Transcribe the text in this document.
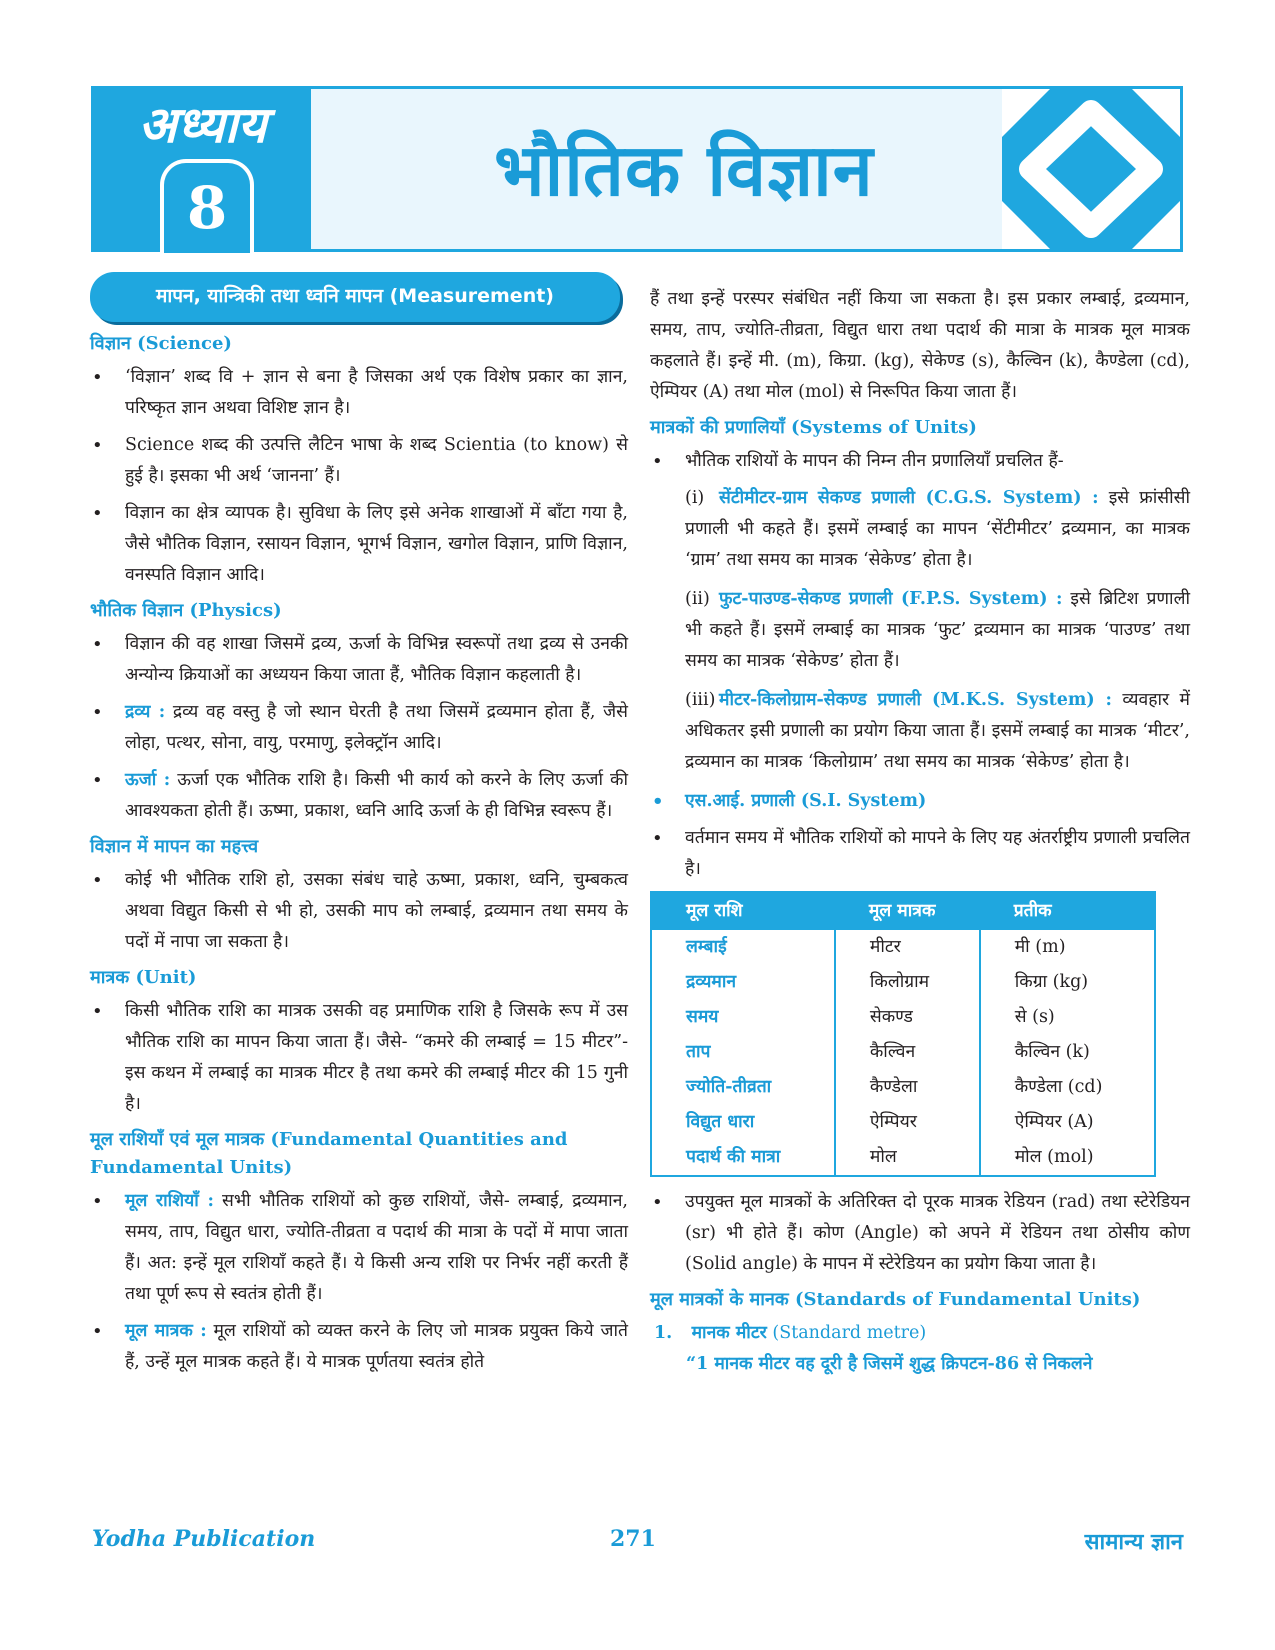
अध्याय
8	भौतिक विज्ञान
मापन, यान्त्रिकी तथा ध्वनि मापन (Measurement)
विज्ञान (Science)
• ‘विज्ञान’ शब्द वि + ज्ञान से बना है जिसका अर्थ एक विशेष प्रकार का ज्ञान, परिष्कृत ज्ञान अथवा विशिष्ट ज्ञान है।
• Science शब्द की उत्पत्ति लैटिन भाषा के शब्द Scientia (to know) से हुई है। इसका भी अर्थ ‘जानना’ हैं।
• विज्ञान का क्षेत्र व्यापक है। सुविधा के लिए इसे अनेक शाखाओं में बाँटा गया है, जैसे भौतिक विज्ञान, रसायन विज्ञान, भूगर्भ विज्ञान, खगोल विज्ञान, प्राणि विज्ञान, वनस्पति विज्ञान आदि।
भौतिक विज्ञान (Physics)
• विज्ञान की वह शाखा जिसमें द्रव्य, ऊर्जा के विभिन्न स्वरूपों तथा द्रव्य से उनकी अन्योन्य क्रियाओं का अध्ययन किया जाता हैं, भौतिक विज्ञान कहलाती है।
• द्रव्य : द्रव्य वह वस्तु है जो स्थान घेरती है तथा जिसमें द्रव्यमान होता हैं, जैसे लोहा, पत्थर, सोना, वायु, परमाणु, इलेक्ट्रॉन आदि।
• ऊर्जा : ऊर्जा एक भौतिक राशि है। किसी भी कार्य को करने के लिए ऊर्जा की आवश्यकता होती हैं। ऊष्मा, प्रकाश, ध्वनि आदि ऊर्जा के ही विभिन्न स्वरूप हैं।
विज्ञान में मापन का महत्त्व
• कोई भी भौतिक राशि हो, उसका संबंध चाहे ऊष्मा, प्रकाश, ध्वनि, चुम्बकत्व अथवा विद्युत किसी से भी हो, उसकी माप को लम्बाई, द्रव्यमान तथा समय के पदों में नापा जा सकता है।
मात्रक (Unit)
• किसी भौतिक राशि का मात्रक उसकी वह प्रमाणिक राशि है जिसके रूप में उस भौतिक राशि का मापन किया जाता हैं। जैसे- “कमरे की लम्बाई = 15 मीटर”- इस कथन में लम्बाई का मात्रक मीटर है तथा कमरे की लम्बाई मीटर की 15 गुनी है।
मूल राशियाँ एवं मूल मात्रक (Fundamental Quantities and Fundamental Units)
• मूल राशियाँ : सभी भौतिक राशियों को कुछ राशियों, जैसे- लम्बाई, द्रव्यमान, समय, ताप, विद्युत धारा, ज्योति-तीव्रता व पदार्थ की मात्रा के पदों में मापा जाता हैं। अत: इन्हें मूल राशियाँ कहते हैं। ये किसी अन्य राशि पर निर्भर नहीं करती हैं तथा पूर्ण रूप से स्वतंत्र होती हैं।
• मूल मात्रक : मूल राशियों को व्यक्त करने के लिए जो मात्रक प्रयुक्त किये जाते हैं, उन्हें मूल मात्रक कहते हैं। ये मात्रक पूर्णतया स्वतंत्र होते

हैं तथा इन्हें परस्पर संबंधित नहीं किया जा सकता है। इस प्रकार लम्बाई, द्रव्यमान, समय, ताप, ज्योति-तीव्रता, विद्युत धारा तथा पदार्थ की मात्रा के मात्रक मूल मात्रक कहलाते हैं। इन्हें मी. (m), किग्रा. (kg), सेकेण्ड (s), कैल्विन (k), कैण्डेला (cd), ऐम्पियर (A) तथा मोल (mol) से निरूपित किया जाता हैं।

मात्रकों की प्रणालियाँ (Systems of Units)
• भौतिक राशियों के मापन की निम्न तीन प्रणालियाँ प्रचलित हैं-
(i) सेंटीमीटर-ग्राम सेकण्ड प्रणाली (C.G.S. System) : इसे फ्रांसीसी प्रणाली भी कहते हैं। इसमें लम्बाई का मापन ‘सेंटीमीटर’ द्रव्यमान, का मात्रक ‘ग्राम’ तथा समय का मात्रक ‘सेकेण्ड’ होता है।
(ii) फुट-पाउण्ड-सेकण्ड प्रणाली (F.P.S. System) : इसे ब्रिटिश प्रणाली भी कहते हैं। इसमें लम्बाई का मात्रक ‘फुट’ द्रव्यमान का मात्रक ‘पाउण्ड’ तथा समय का मात्रक ‘सेकेण्ड’ होता हैं।
(iii) मीटर-किलोग्राम-सेकण्ड प्रणाली (M.K.S. System) : व्यवहार में अधिकतर इसी प्रणाली का प्रयोग किया जाता हैं। इसमें लम्बाई का मात्रक ‘मीटर’, द्रव्यमान का मात्रक ‘किलोग्राम’ तथा समय का मात्रक ‘सेकेण्ड’ होता है।
• एस.आई. प्रणाली (S.I. System)
• वर्तमान समय में भौतिक राशियों को मापने के लिए यह अंतर्राष्ट्रीय प्रणाली प्रचलित है।
मूल राशि	मूल मात्रक	प्रतीक
लम्बाई	मीटर	मी (m)
द्रव्यमान	किलोग्राम	किग्रा (kg)
समय	सेकण्ड	से (s)
ताप	कैल्विन	कैल्विन (k)
ज्योति-तीव्रता	कैण्डेला	कैण्डेला (cd)
विद्युत धारा	ऐम्पियर	ऐम्पियर (A)
पदार्थ की मात्रा	मोल	मोल (mol)
• उपयुक्त मूल मात्रकों के अतिरिक्त दो पूरक मात्रक रेडियन (rad) तथा स्टेरेडियन (sr) भी होते हैं। कोण (Angle) को अपने में रेडियन तथा ठोसीय कोण (Solid angle) के मापन में स्टेरेडियन का प्रयोग किया जाता है।
मूल मात्रकों के मानक (Standards of Fundamental Units)
1. मानक मीटर (Standard metre)
“1 मानक मीटर वह दूरी है जिसमें शुद्ध क्रिपटन-86 से निकलने
Yodha Publication	271	सामान्य ज्ञान
